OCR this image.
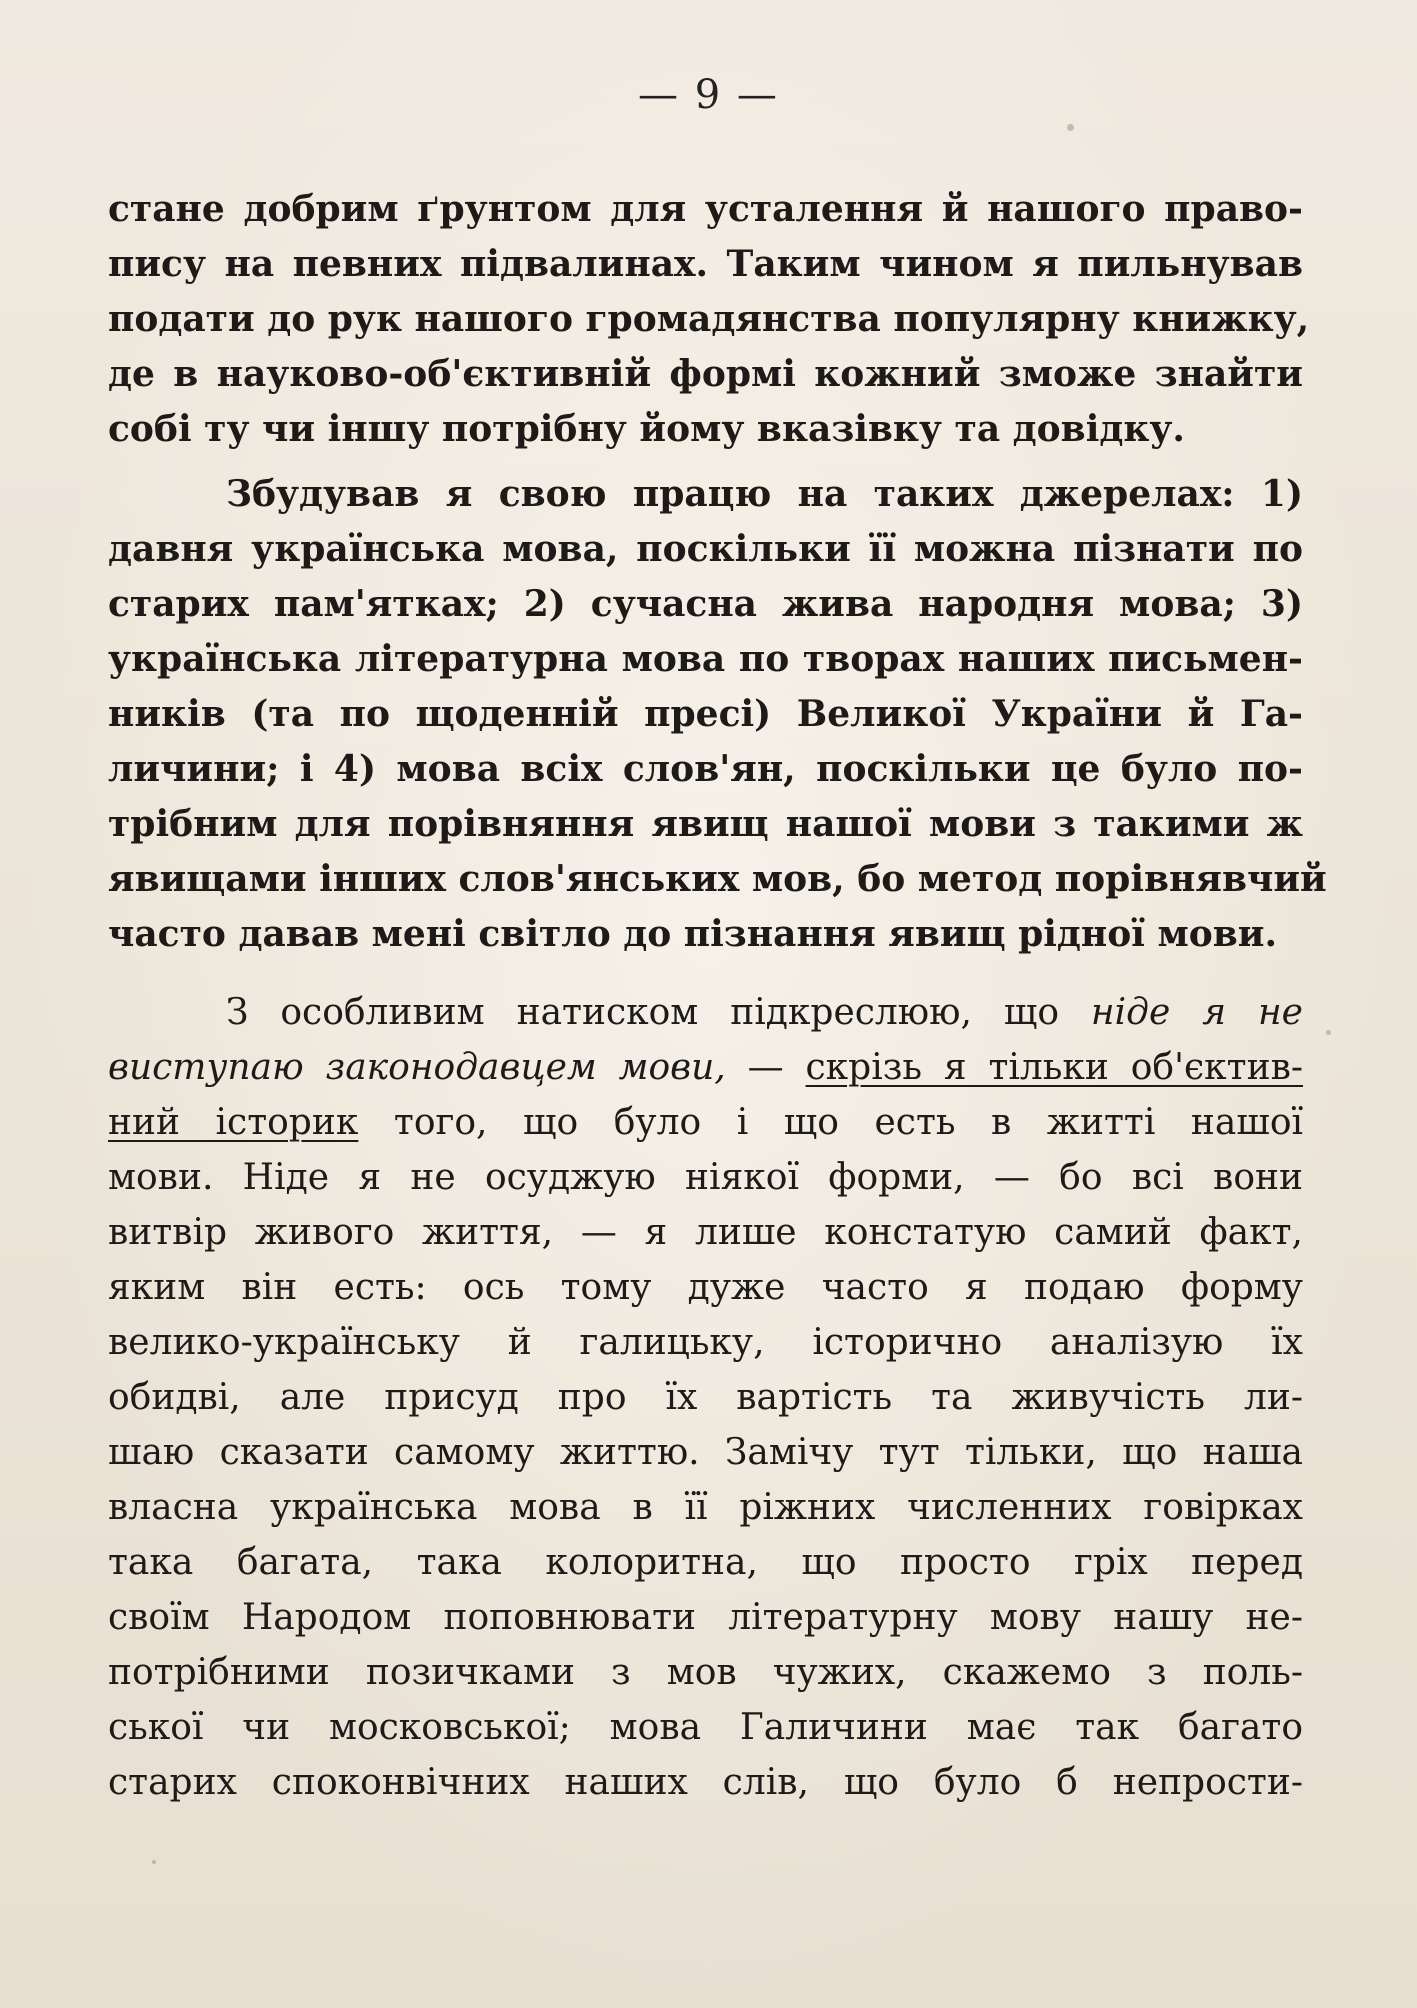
— 9 —
стане добрим ґрунтом для усталення й нашого право-
пису на певних підвалинах. Таким чином я пильнував
подати до рук нашого громадянства популярну книжку,
де в науково-об'єктивній формі кожний зможе знайти
собі ту чи іншу потрібну йому вказівку та довідку.
Збудував я свою працю на таких джерелах: 1)
давня українська мова, поскільки її можна пізнати по
старих пам'ятках; 2) сучасна жива народня мова; 3)
українська літературна мова по творах наших письмен-
ників (та по щоденній пресі) Великої України й Га-
личини; і 4) мова всіх слов'ян, поскільки це було по-
трібним для порівняння явищ нашої мови з такими ж
явищами інших слов'янських мов, бо метод порівнявчий
часто давав мені світло до пізнання явищ рідної мови.
З особливим натиском підкреслюю, що ніде я не
виступаю законодавцем мови, — скрізь я тільки об'єктив-
ний історик того, що було і що есть в житті нашої
мови. Ніде я не осуджую ніякої форми, — бо всі вони
витвір живого життя, — я лише констатую самий факт,
яким він есть: ось тому дуже часто я подаю форму
велико-українську й галицьку, історично аналізую їх
обидві, але присуд про їх вартість та живучість ли-
шаю сказати самому життю. Замічу тут тільки, що наша
власна українська мова в її ріжних численних говірках
така багата, така колоритна, що просто гріх перед
своїм Народом поповнювати літературну мову нашу не-
потрібними позичками з мов чужих, скажемо з поль-
ської чи московської; мова Галичини має так багато
старих споконвічних наших слів, що було б непрости-
